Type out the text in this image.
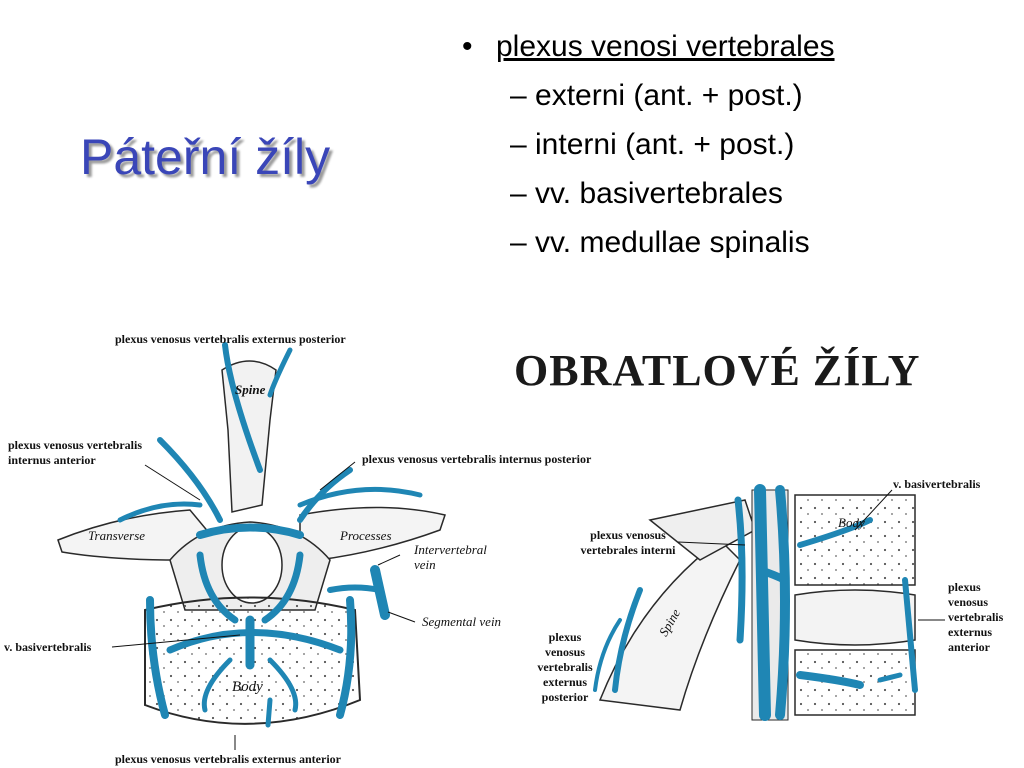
Páteřní žíly
• plexus venosi vertebrales
– externi (ant. + post.)
– interni (ant. + post.)
– vv. basivertebrales
– vv. medullae spinalis
OBRATLOVÉ ŽÍLY
Spine
Transverse	Processes
Body
plexus venosus vertebralis externus posterior
plexus venosus vertebralis
internus anterior	plexus venosus vertebralis internus posterior
Intervertebral
vein
Segmental vein
v. basivertebralis
plexus venosus vertebralis externus anterior
Spine
Body
v. basivertebralis
plexus venosus
vertebrales interni
plexus
venosus
vertebralis
externus
posterior
plexus
venosus
vertebralis
externus
anterior
